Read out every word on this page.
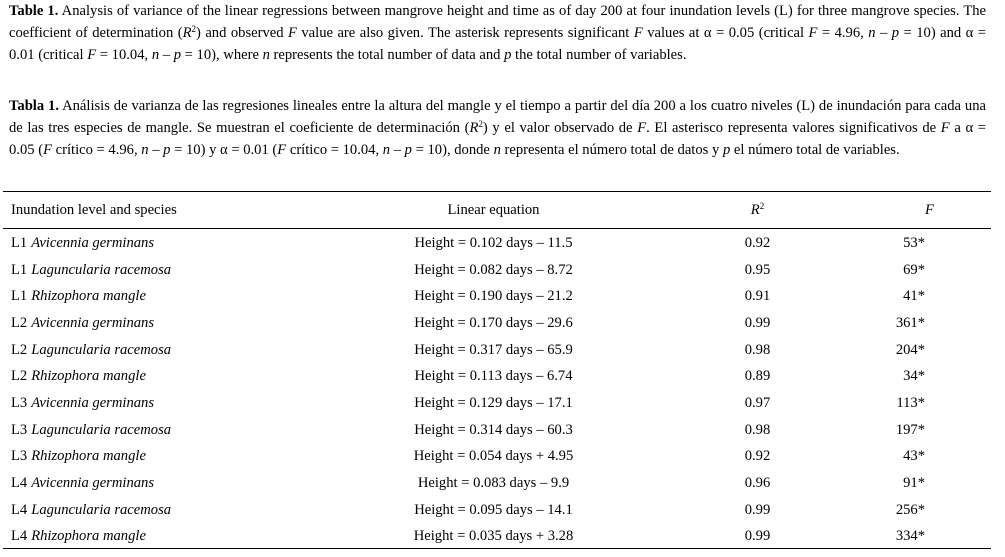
Table 1. Analysis of variance of the linear regressions between mangrove height and time as of day 200 at four inundation levels (L) for three mangrove species. The coefficient of determination $(R^2)$ and observed F value are also given. The asterisk represents significant F values at α = 0.05 (critical F = 4.96, n – p = 10) and α = 0.01 (critical F = 10.04, n – p = 10), where n represents the total number of data and p the total number of variables.

Tabla 1. Análisis de varianza de las regresiones lineales entre la altura del mangle y el tiempo a partir del día 200 a los cuatro niveles (L) de inundación para cada una de las tres especies de mangle. Se muestran el coeficiente de determinación $(R^2)$ y el valor observado de F. El asterisco representa valores significativos de F a α = 0.05 (F crítico = 4.96, n – p = 10) y α = 0.01 (F crítico = 10.04, n – p = 10), donde n representa el número total de datos y p el número total de variables.

Inundation level and species	Linear equation	$R^2$	F
L1 Avicennia germinans	Height = 0.102 days – 11.5	0.92	53*
L1 Laguncularia racemosa	Height = 0.082 days – 8.72	0.95	69*
L1 Rhizophora mangle	Height = 0.190 days – 21.2	0.91	41*
L2 Avicennia germinans	Height = 0.170 days – 29.6	0.99	361*
L2 Laguncularia racemosa	Height = 0.317 days – 65.9	0.98	204*
L2 Rhizophora mangle	Height = 0.113 days – 6.74	0.89	34*
L3 Avicennia germinans	Height = 0.129 days – 17.1	0.97	113*
L3 Laguncularia racemosa	Height = 0.314 days – 60.3	0.98	197*
L3 Rhizophora mangle	Height = 0.054 days + 4.95	0.92	43*
L4 Avicennia germinans	Height = 0.083 days – 9.9	0.96	91*
L4 Laguncularia racemosa	Height = 0.095 days – 14.1	0.99	256*
L4 Rhizophora mangle	Height = 0.035 days + 3.28	0.99	334*
